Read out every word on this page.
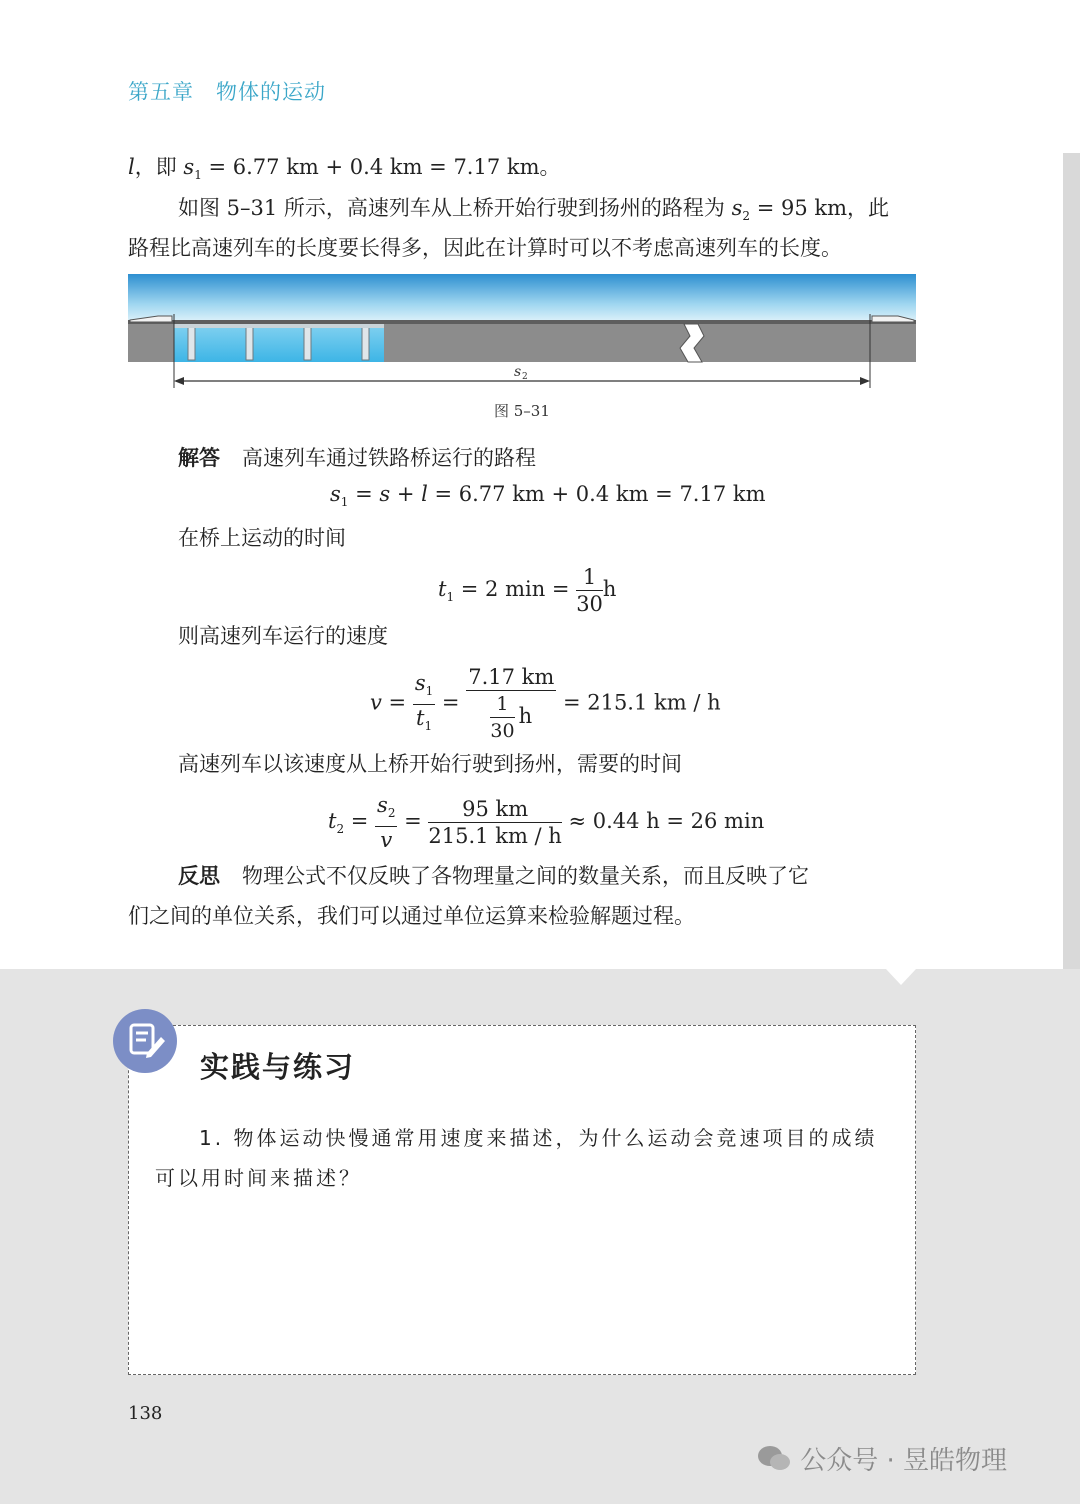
第五章 物体的运动
l，即 $s_1 = 6.77$ km + 0.4 km = 7.17 km。
如图 5–31 所示，高速列车从上桥开始行驶到扬州的路程为 $s_2 = 95$ km，此
路程比高速列车的长度要长得多，因此在计算时可以不考虑高速列车的长度。
s 2
图 5–31
解答 高速列车通过铁路桥运行的路程
$s_1 = s + l = 6.77$ km + 0.4 km = 7.17 km
在桥上运动的时间
$t_1 = 2$ $\min = \frac{1}{30}$ h
则高速列车运行的速度
$v = \frac{s_1}{t_1} = \frac{7.17 km}{\frac{1}{30} h} = 215.1$ km / h
高速列车以该速度从上桥开始行驶到扬州，需要的时间
$t_2 = \frac{s_2}{v} = \frac{95 km}{215.1 km / h} \approx 0.44$ h = 26 min
反思 物理公式不仅反映了各物理量之间的数量关系，而且反映了它
们之间的单位关系，我们可以通过单位运算来检验解题过程。
实践与练习
1. 物体运动快慢通常用速度来描述，为什么运动会竞速项目的成绩
可以用时间来描述？
138
公众号 · 昱皓物理
